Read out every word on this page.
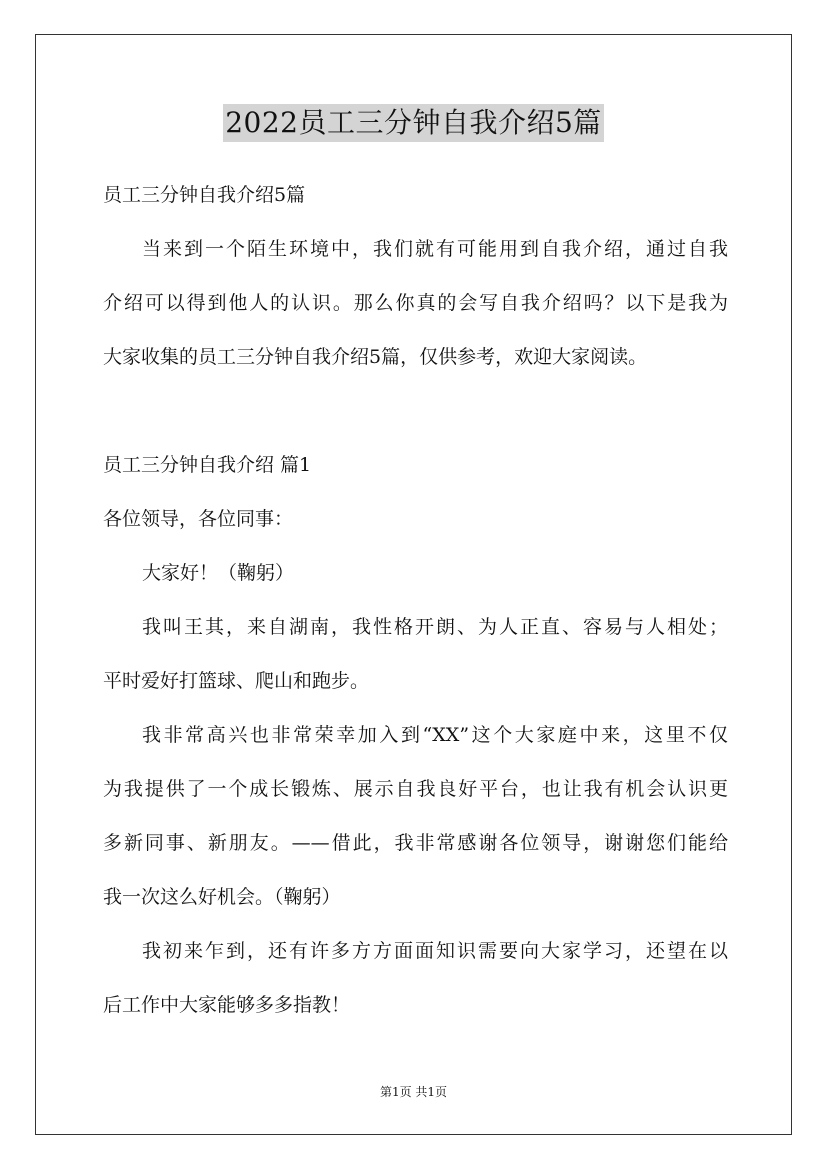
2022员工三分钟自我介绍5篇
员工三分钟自我介绍5篇
当来到一个陌生环境中，我们就有可能用到自我介绍，通过自我
介绍可以得到他人的认识。那么你真的会写自我介绍吗？以下是我为
大家收集的员工三分钟自我介绍5篇，仅供参考，欢迎大家阅读。
员工三分钟自我介绍 篇1
各位领导，各位同事：
大家好！（鞠躬）
我叫王其，来自湖南，我性格开朗、为人正直、容易与人相处；
平时爱好打篮球、爬山和跑步。
我非常高兴也非常荣幸加入到“XX”这个大家庭中来，这里不仅
为我提供了一个成长锻炼、展示自我良好平台，也让我有机会认识更
多新同事、新朋友。——借此，我非常感谢各位领导，谢谢您们能给
我一次这么好机会。（鞠躬）
我初来乍到，还有许多方方面面知识需要向大家学习，还望在以
后工作中大家能够多多指教！
第1页 共1页
